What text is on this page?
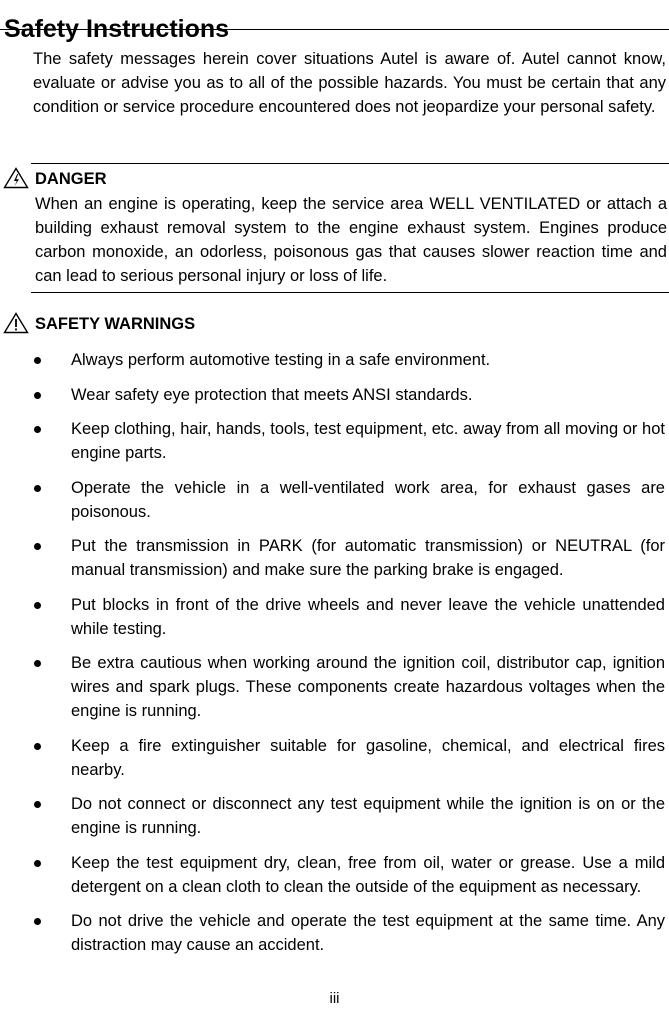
Safety Instructions

The safety messages herein cover situations Autel is aware of. Autel cannot know, evaluate or advise you as to all of the possible hazards. You must be certain that any condition or service procedure encountered does not jeopardize your personal safety.

DANGER

When an engine is operating, keep the service area WELL VENTILATED or attach a building exhaust removal system to the engine exhaust system. Engines produce carbon monoxide, an odorless, poisonous gas that causes slower reaction time and can lead to serious personal injury or loss of life.

SAFETY WARNINGS
Always perform automotive testing in a safe environment.
Wear safety eye protection that meets ANSI standards.
Keep clothing, hair, hands, tools, test equipment, etc. away from all moving or hot engine parts.
Operate the vehicle in a well-ventilated work area, for exhaust gases are poisonous.
Put the transmission in PARK (for automatic transmission) or NEUTRAL (for manual transmission) and make sure the parking brake is engaged.
Put blocks in front of the drive wheels and never leave the vehicle unattended while testing.
Be extra cautious when working around the ignition coil, distributor cap, ignition wires and spark plugs. These components create hazardous voltages when the engine is running.
Keep a fire extinguisher suitable for gasoline, chemical, and electrical fires nearby.
Do not connect or disconnect any test equipment while the ignition is on or the engine is running.
Keep the test equipment dry, clean, free from oil, water or grease. Use a mild detergent on a clean cloth to clean the outside of the equipment as necessary.
Do not drive the vehicle and operate the test equipment at the same time. Any distraction may cause an accident.
iii
